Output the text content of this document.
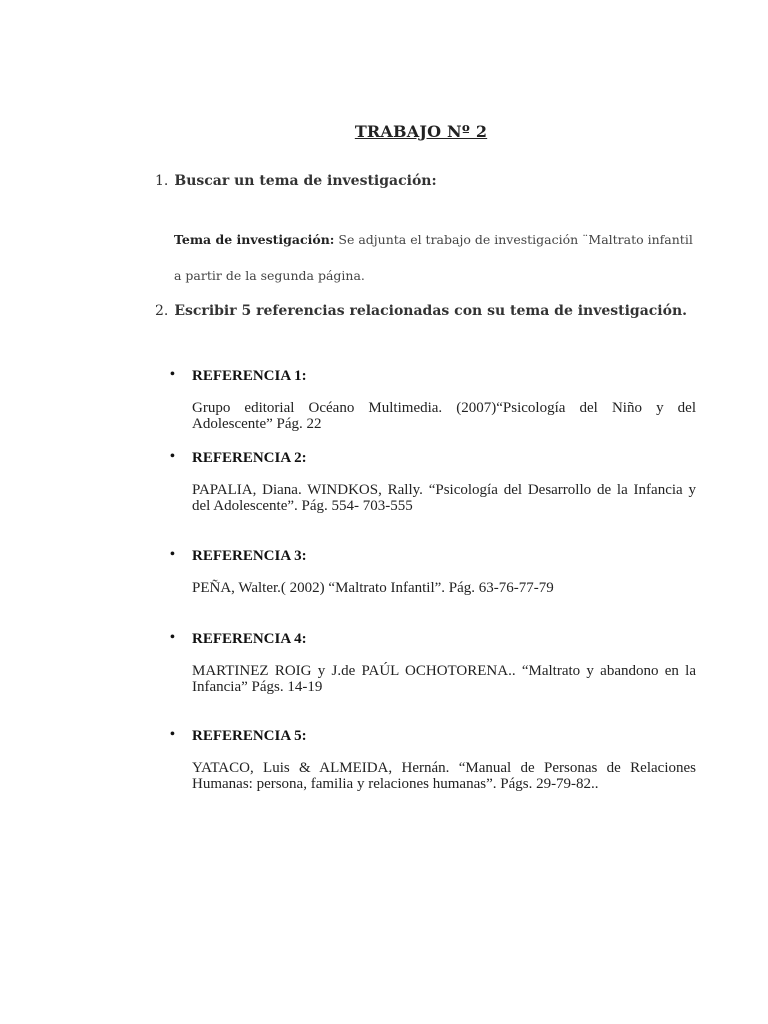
TRABAJO Nº 2
1. Buscar un tema de investigación:
Tema de investigación: Se adjunta el trabajo de investigación ¨Maltrato infantil a partir de la segunda página.
2. Escribir 5 referencias relacionadas con su tema de investigación.
• REFERENCIA 1:
Grupo editorial Océano Multimedia. (2007)“Psicología del Niño y del Adolescente” Pág. 22
• REFERENCIA 2:
PAPALIA, Diana. WINDKOS, Rally. “Psicología del Desarrollo de la Infancia y del Adolescente”. Pág. 554- 703-555
• REFERENCIA 3:
PEÑA, Walter.( 2002) “Maltrato Infantil”. Pág. 63-76-77-79
• REFERENCIA 4:
MARTINEZ ROIG y J.de PAÚL OCHOTORENA.. “Maltrato y abandono en la Infancia” Págs. 14-19
• REFERENCIA 5:
YATACO, Luis & ALMEIDA, Hernán. “Manual de Personas de Relaciones Humanas: persona, familia y relaciones humanas”. Págs. 29-79-82..
